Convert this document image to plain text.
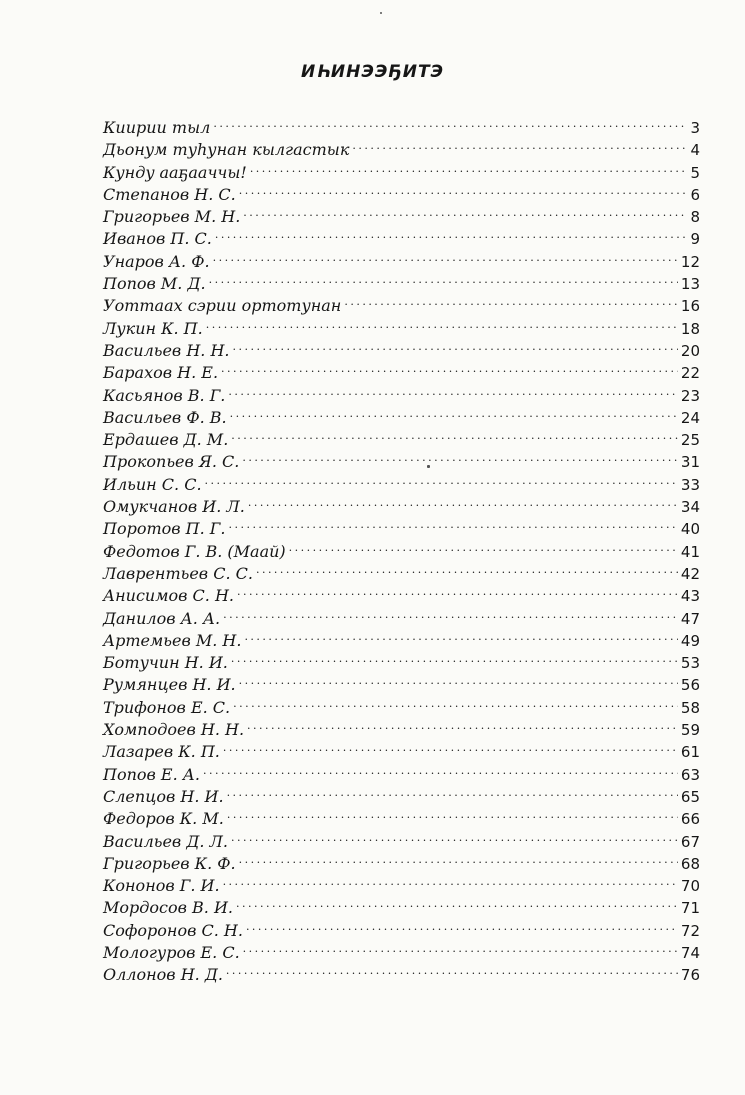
ИҺИНЭЭҔИТЭ
Киирии тыл . . .	3
Дьонум туһунан кылгастык . . .	4
Кундy ааҕааччы! . . .	5
Степанов Н. С. . . .	6
Григорьев М. Н. . . .	8
Иванов П. С. . . .	9
Унаров А. Ф. . . .	12
Попов М. Д. . . .	13
Уоттаах сэрии ортотунан . . .	16
Лукин К. П. . . .	18
Васильев Н. Н. . . .	20
Барахов Н. Е. . . .	22
Касьянов В. Г. . . .	23
Васильев Ф. В. . . .	24
Ердашев Д. М. . . .	25
Прокопьев Я. С. . . .	31
Ильин С. С. . . .	33
Омукчанов И. Л. . . .	34
Поротов П. Г. . . .	40
Федотов Г. В. (Маай) . . .	41
Лаврентьев С. С. . . .	42
Анисимов С. Н. . . .	43
Данилов А. А. . . .	47
Артемьев М. Н. . . .	49
Ботучин Н. И. . . .	53
Румянцев Н. И. . . .	56
Трифонов Е. С. . . .	58
Хомподоев Н. Н. . . .	59
Лазарев К. П. . . .	61
Попов Е. А. . . .	63
Слепцов Н. И. . . .	65
Федоров К. М. . . .	66
Васильев Д. Л. . . .	67
Григорьев К. Ф. . . .	68
Кононов Г. И. . . .	70
Мордосов В. И. . . .	71
Софоронов С. Н. . . .	72
Мологуров Е. С. . . .	74
Оллонов Н. Д. . . .	76
